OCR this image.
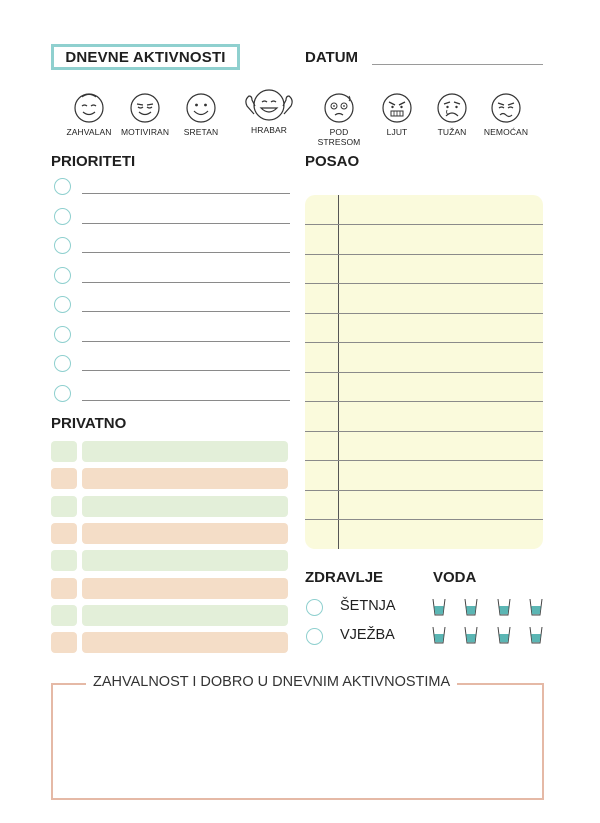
DNEVNE AKTIVNOSTI	DATUM
ZAHVALAN	MOTIVIRAN	SRETAN	HRABAR	POD STRESOM
LJUT	TUŽAN	NEMOĆAN
PRIORITETI
PRIVATNO
POSAO
ZDRAVLJE	VODA
ŠETNJA
VJEŽBA
ZAHVALNOST I DOBRO U DNEVNIM AKTIVNOSTIMA
